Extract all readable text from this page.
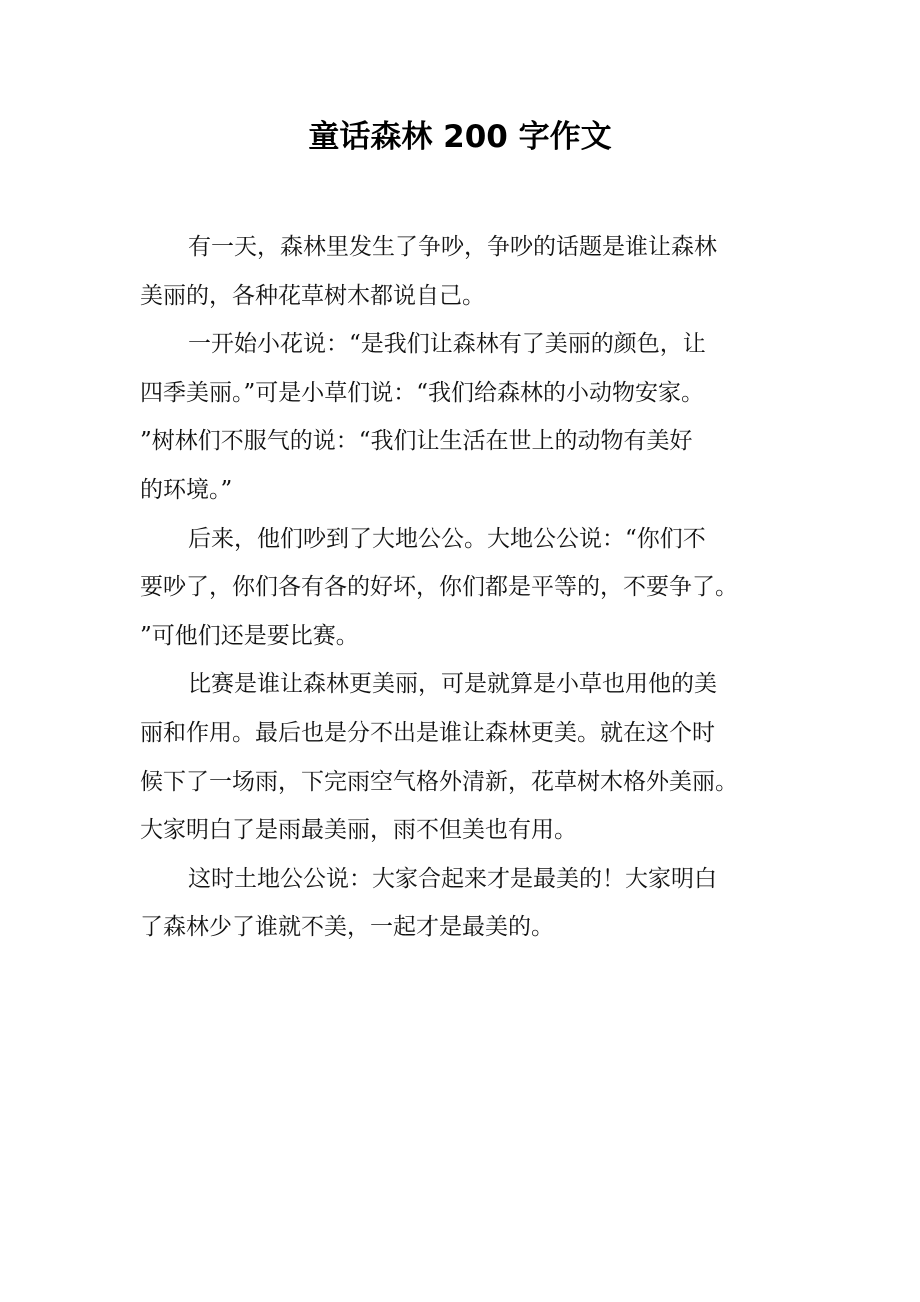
童话森林 200 字作文
有一天，森林里发生了争吵，争吵的话题是谁让森林
美丽的，各种花草树木都说自己。
一开始小花说：“是我们让森林有了美丽的颜色，让
四季美丽。”可是小草们说：“我们给森林的小动物安家。
”树林们不服气的说：“我们让生活在世上的动物有美好
的环境。”
后来，他们吵到了大地公公。大地公公说：“你们不
要吵了，你们各有各的好坏，你们都是平等的，不要争了。
”可他们还是要比赛。
比赛是谁让森林更美丽，可是就算是小草也用他的美
丽和作用。最后也是分不出是谁让森林更美。就在这个时
候下了一场雨，下完雨空气格外清新，花草树木格外美丽。
大家明白了是雨最美丽，雨不但美也有用。
这时土地公公说：大家合起来才是最美的！大家明白
了森林少了谁就不美，一起才是最美的。
